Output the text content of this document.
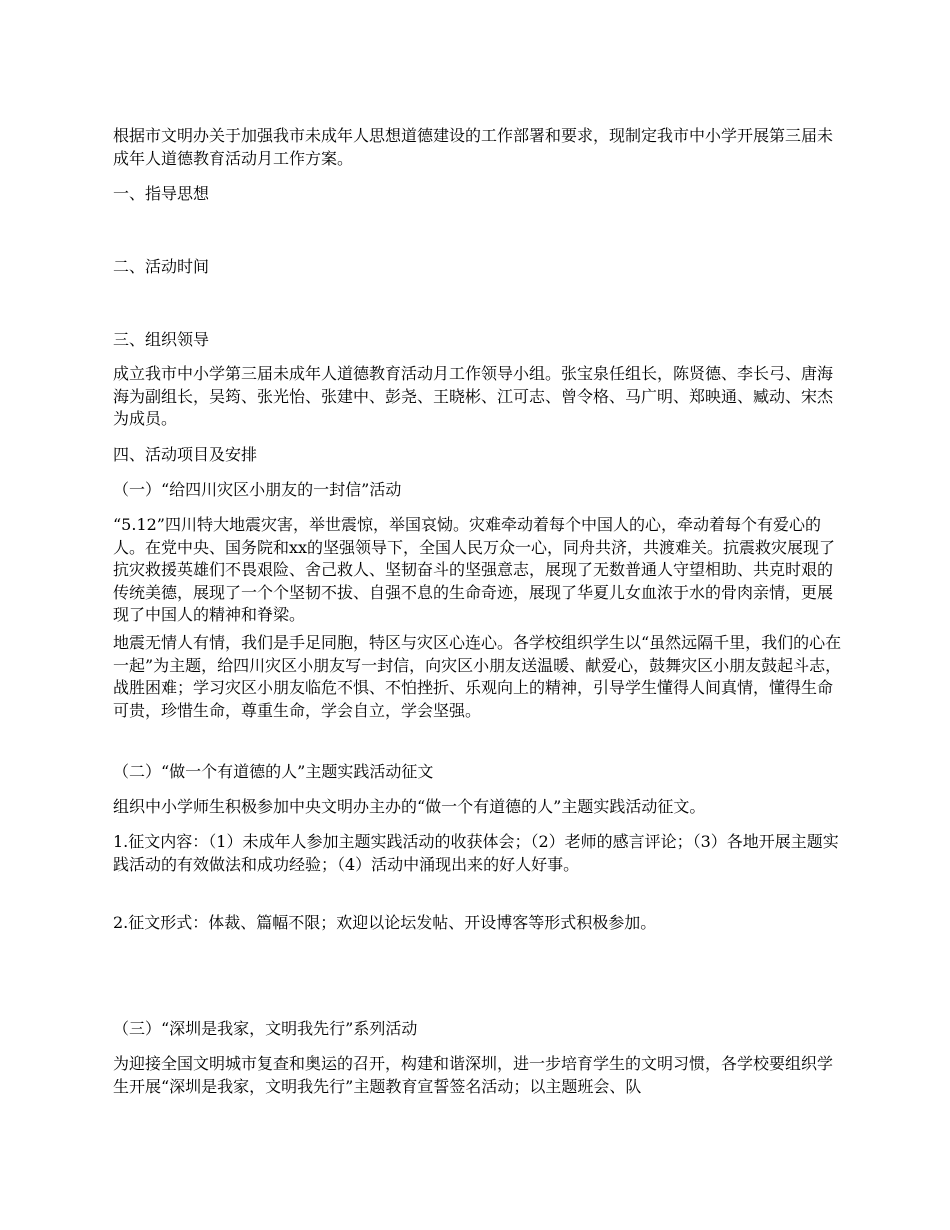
根据市文明办关于加强我市未成年人思想道德建设的工作部署和要求，现制定我市中小学开展第三届未成年人道德教育活动月工作方案。

一、指导思想

二、活动时间

三、组织领导

成立我市中小学第三届未成年人道德教育活动月工作领导小组。张宝泉任组长，陈贤德、李长弓、唐海海为副组长，吴筠、张光怡、张建中、彭尧、王晓彬、江可志、曾令格、马广明、郑映通、臧动、宋杰为成员。

四、活动项目及安排

（一）“给四川灾区小朋友的一封信”活动

“5.12”四川特大地震灾害，举世震惊，举国哀恸。灾难牵动着每个中国人的心，牵动着每个有爱心的人。在党中央、国务院和xx的坚强领导下，全国人民万众一心，同舟共济，共渡难关。抗震救灾展现了抗灾救援英雄们不畏艰险、舍己救人、坚韧奋斗的坚强意志，展现了无数普通人守望相助、共克时艰的传统美德，展现了一个个坚韧不拔、自强不息的生命奇迹，展现了华夏儿女血浓于水的骨肉亲情，更展现了中国人的精神和脊梁。

地震无情人有情，我们是手足同胞，特区与灾区心连心。各学校组织学生以“虽然远隔千里，我们的心在一起”为主题，给四川灾区小朋友写一封信，向灾区小朋友送温暖、献爱心，鼓舞灾区小朋友鼓起斗志，战胜困难；学习灾区小朋友临危不惧、不怕挫折、乐观向上的精神，引导学生懂得人间真情，懂得生命可贵，珍惜生命，尊重生命，学会自立，学会坚强。

（二）“做一个有道德的人”主题实践活动征文

组织中小学师生积极参加中央文明办主办的“做一个有道德的人”主题实践活动征文。

1.征文内容：（1）未成年人参加主题实践活动的收获体会；（2）老师的感言评论；（3）各地开展主题实践活动的有效做法和成功经验；（4）活动中涌现出来的好人好事。

2.征文形式：体裁、篇幅不限；欢迎以论坛发帖、开设博客等形式积极参加。

（三）“深圳是我家，文明我先行”系列活动

为迎接全国文明城市复查和奥运的召开，构建和谐深圳，进一步培育学生的文明习惯，各学校要组织学生开展“深圳是我家，文明我先行”主题教育宣誓签名活动；以主题班会、队
